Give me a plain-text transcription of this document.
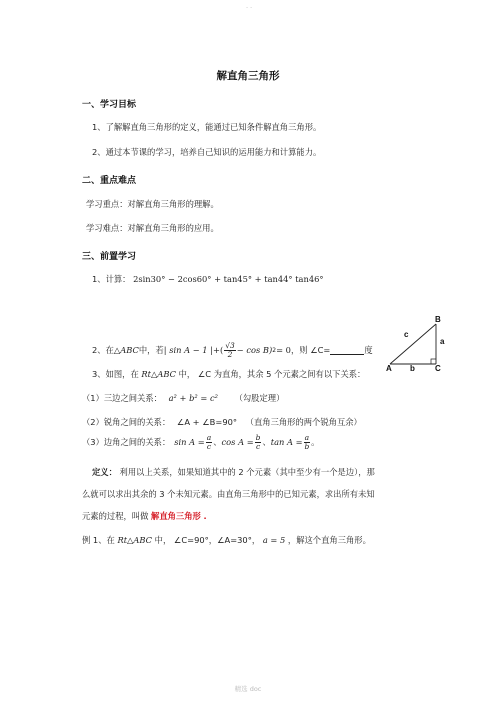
- -
解直角三角形
一、学习目标
1、了解解直角三角形的定义，能通过已知条件解直角三角形。
2、通过本节课的学习，培养自己知识的运用能力和计算能力。
二、重点难点
学习重点：对解直角三角形的理解。
学习难点：对解直角三角形的应用。
三、前置学习
1、计算： 2sin30° − 2cos60° + tan45° + tan44° tan46°
B
c
a
A b	C
2、在 △ABC 中，若 | sin A − 1 | +( $\frac{√3}{2} - \cos B$) 2 = 0 ，则 ∠C=	度
3、如图，在 Rt△ABC 中， ∠C 为直角，其余 5 个元素之间有以下关系：
（1）三边之间关系： a² + b² = c² （勾股定理）
（2）锐角之间的关系： ∠A + ∠B=90° （直角三角形的两个锐角互余）
（3）边角之间的关系： $\sin A = \frac{a}{c}$ 、 $\cos A = \frac{b}{c}$ 、 $\tan A = \frac{a}{b}$ 。
定义： 利用以上关系，如果知道其中的 2 个元素（其中至少有一个是边），那
么就可以求出其余的 3 个未知元素。由直角三角形中的已知元素，求出所有未知
元素的过程，叫做 解直角三角形 .
例 1、在 Rt△ABC 中， ∠C=90°，∠A=30°， a = 5 ，解这个直角三角形。
精选 doc
